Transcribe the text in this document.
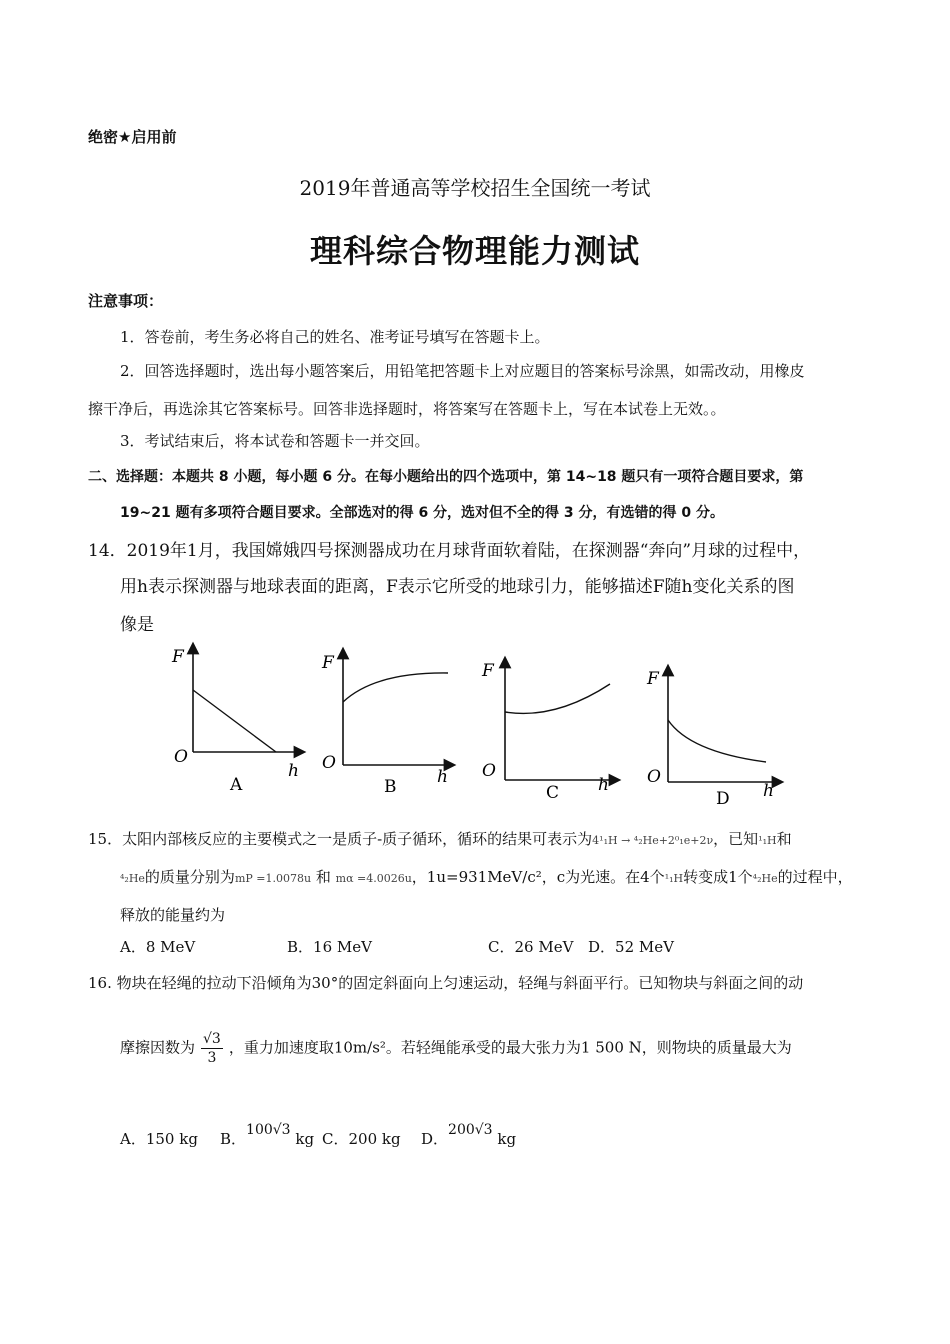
绝密★启用前
2019年普通高等学校招生全国统一考试
理科综合物理能力测试
注意事项：
1．答卷前，考生务必将自己的姓名、准考证号填写在答题卡上。
2．回答选择题时，选出每小题答案后，用铅笔把答题卡上对应题目的答案标号涂黑，如需改动，用橡皮
擦干净后，再选涂其它答案标号。回答非选择题时，将答案写在答题卡上，写在本试卷上无效。。
3．考试结束后，将本试卷和答题卡一并交回。
二、选择题：本题共 8 小题，每小题 6 分。在每小题给出的四个选项中，第 14~18 题只有一项符合题目要求，第
19~21 题有多项符合题目要求。全部选对的得 6 分，选对但不全的得 3 分，有选错的得 0 分。
14．2019年1月，我国嫦娥四号探测器成功在月球背面软着陆，在探测器“奔向”月球的过程中，
用h表示探测器与地球表面的距离，F表示它所受的地球引力，能够描述F随h变化关系的图
像是
F
O
h
A
F
O
h
B
F
O
h
C
F
O
h
D
15．太阳内部核反应的主要模式之一是质子-质子循环，循环的结果可表示为4¹₁H → ⁴₂He+2⁰₁e+2ν，已知¹₁H和
⁴₂He的质量分别为mP =1.0078u 和 mα =4.0026u，1u=931MeV/c²，c为光速。在4个¹₁H转变成1个⁴₂He的过程中，
释放的能量约为
A．8 MeV	B．16 MeV	C．26 MeV D．52 MeV
16. 物块在轻绳的拉动下沿倾角为30°的固定斜面向上匀速运动，轻绳与斜面平行。已知物块与斜面之间的动
摩擦因数为 $\frac{√3}{3}$ ，重力加速度取10m/s²。若轻绳能承受的最大张力为1 500 N，则物块的质量最大为
A．150 kg B．100√3 kg C．200 kg D．200√3 kg
